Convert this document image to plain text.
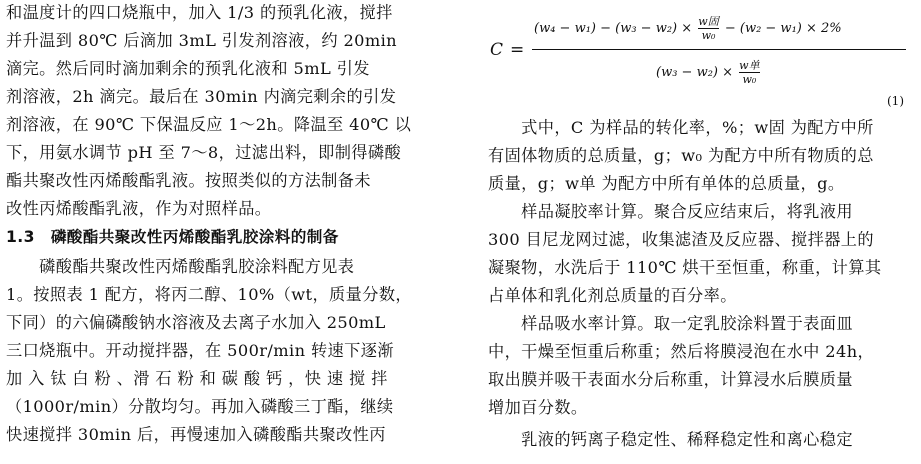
和温度计的四口烧瓶中，加入 1/3 的预乳化液，搅拌
并升温到 80℃ 后滴加 3mL 引发剂溶液，约 20min
滴完。然后同时滴加剩余的预乳化液和 5mL 引发
剂溶液，2h 滴完。最后在 30min 内滴完剩余的引发
剂溶液，在 90℃ 下保温反应 1～2h。降温至 40℃ 以
下，用氨水调节 pH 至 7～8，过滤出料，即制得磷酸
酯共聚改性丙烯酸酯乳液。按照类似的方法制备未
改性丙烯酸酯乳液，作为对照样品。
1.3　磷酸酯共聚改性丙烯酸酯乳胶涂料的制备
　　磷酸酯共聚改性丙烯酸酯乳胶涂料配方见表
1。按照表 1 配方，将丙二醇、10%（wt，质量分数，
下同）的六偏磷酸钠水溶液及去离子水加入 250mL
三口烧瓶中。开动搅拌器，在 500r/min 转速下逐渐
加 入 钛 白 粉 、滑 石 粉 和 碳 酸 钙 ，快 速 搅 拌
（1000r/min）分散均匀。再加入磷酸三丁酯，继续
快速搅拌 30min 后，再慢速加入磷酸酯共聚改性丙
C =
$(w_4 - w_1) - (w_3 - w_2) \times \frac{\text{w固}}{\text{w₀}} - (w_2 - w_1) \times 2\%$
$(w_3 - w_2) \times \frac{\text{w单}}{\text{w₀}}$
(1)
　　式中，C 为样品的转化率，%；w固 为配方中所
有固体物质的总质量，g；w₀ 为配方中所有物质的总
质量，g；w单 为配方中所有单体的总质量，g。
　　样品凝胶率计算。聚合反应结束后，将乳液用
300 目尼龙网过滤，收集滤渣及反应器、搅拌器上的
凝聚物，水洗后于 110℃ 烘干至恒重，称重，计算其
占单体和乳化剂总质量的百分率。
　　样品吸水率计算。取一定乳胶涂料置于表面皿
中，干燥至恒重后称重；然后将膜浸泡在水中 24h，
取出膜并吸干表面水分后称重，计算浸水后膜质量
增加百分数。
　　乳液的钙离子稳定性、稀释稳定性和离心稳定
